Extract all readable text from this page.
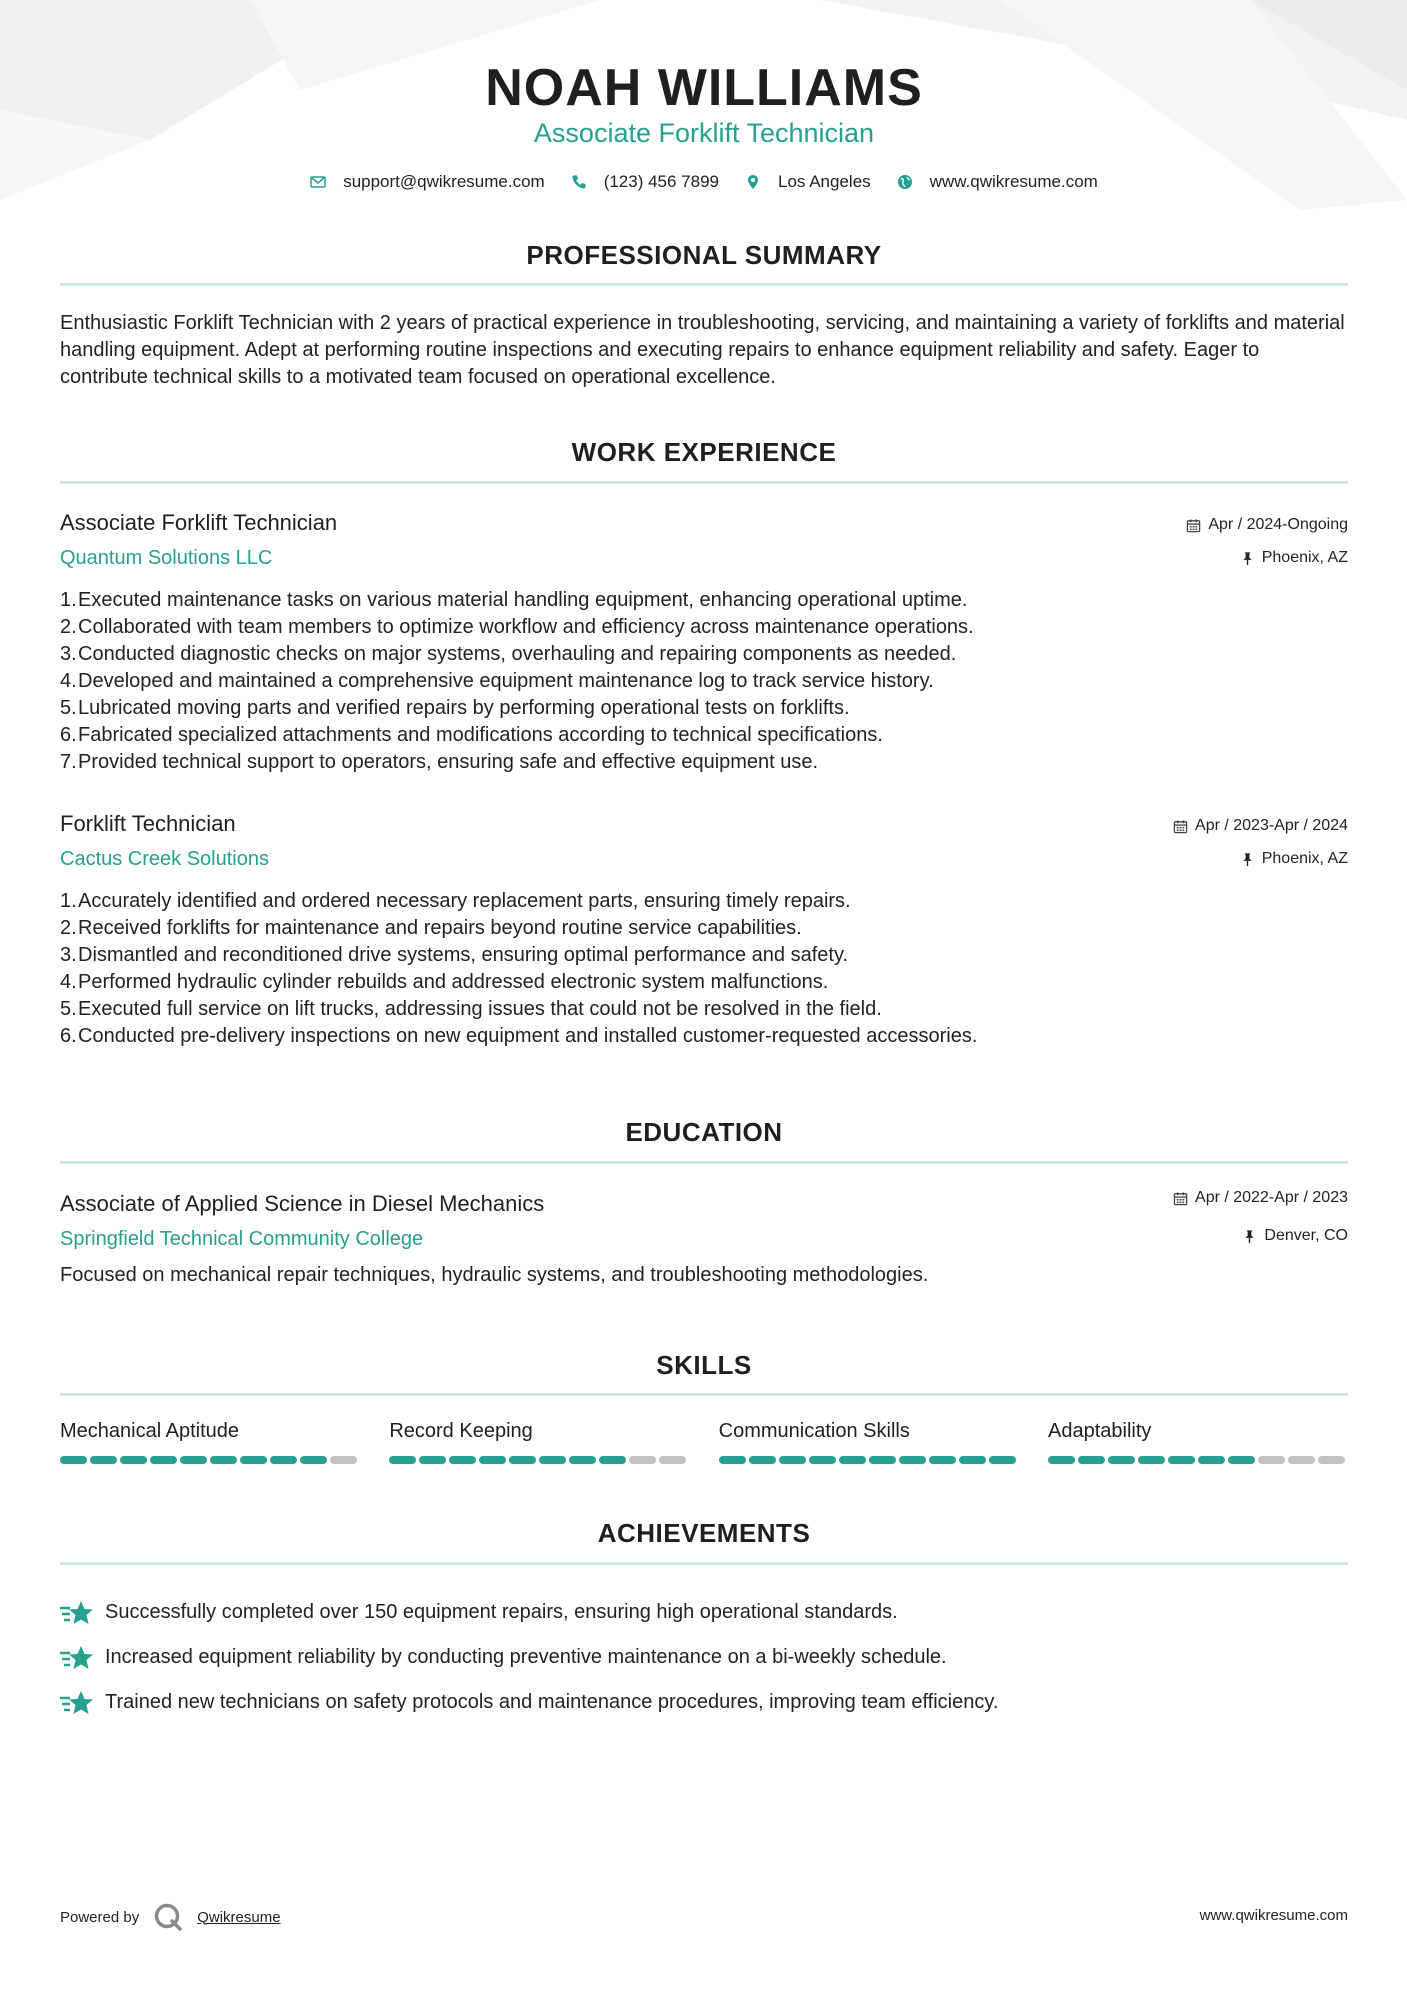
NOAH WILLIAMS
Associate Forklift Technician
support@qwikresume.com	(123) 456 7899	Los Angeles	www.qwikresume.com
PROFESSIONAL SUMMARY
Enthusiastic Forklift Technician with 2 years of practical experience in troubleshooting, servicing, and maintaining a variety of forklifts and material handling equipment. Adept at performing routine inspections and executing repairs to enhance equipment reliability and safety. Eager to contribute technical skills to a motivated team focused on operational excellence.
WORK EXPERIENCE
Associate Forklift Technician
Quantum Solutions LLC
Apr / 2024-Ongoing
Phoenix, AZ
1. Executed maintenance tasks on various material handling equipment, enhancing operational uptime.
2. Collaborated with team members to optimize workflow and efficiency across maintenance operations.
3. Conducted diagnostic checks on major systems, overhauling and repairing components as needed.
4. Developed and maintained a comprehensive equipment maintenance log to track service history.
5. Lubricated moving parts and verified repairs by performing operational tests on forklifts.
6. Fabricated specialized attachments and modifications according to technical specifications.
7. Provided technical support to operators, ensuring safe and effective equipment use.
Forklift Technician
Cactus Creek Solutions
Apr / 2023-Apr / 2024
Phoenix, AZ
1. Accurately identified and ordered necessary replacement parts, ensuring timely repairs.
2. Received forklifts for maintenance and repairs beyond routine service capabilities.
3. Dismantled and reconditioned drive systems, ensuring optimal performance and safety.
4. Performed hydraulic cylinder rebuilds and addressed electronic system malfunctions.
5. Executed full service on lift trucks, addressing issues that could not be resolved in the field.
6. Conducted pre-delivery inspections on new equipment and installed customer-requested accessories.
EDUCATION
Associate of Applied Science in Diesel Mechanics
Springfield Technical Community College
Apr / 2022-Apr / 2023
Denver, CO
Focused on mechanical repair techniques, hydraulic systems, and troubleshooting methodologies.
SKILLS
Mechanical Aptitude	Record Keeping	Communication Skills	Adaptability
ACHIEVEMENTS
Successfully completed over 150 equipment repairs, ensuring high operational standards.
Increased equipment reliability by conducting preventive maintenance on a bi-weekly schedule.
Trained new technicians on safety protocols and maintenance procedures, improving team efficiency.
Powered by	Qwikresume	www.qwikresume.com
